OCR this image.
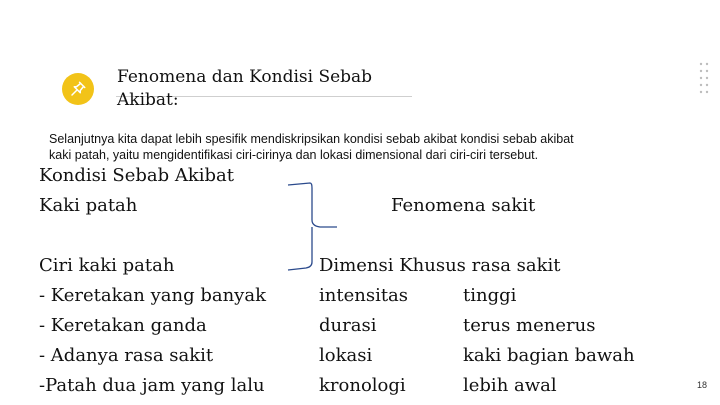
Fenomena dan Kondisi Sebab
Akibat:
Selanjutnya kita dapat lebih spesifik mendiskripsikan kondisi sebab akibat kondisi sebab akibat
kaki patah, yaitu mengidentifikasi ciri-cirinya dan lokasi dimensional dari ciri-ciri tersebut.
Kondisi Sebab Akibat
Kaki patah
Ciri kaki patah
- Keretakan yang banyak
- Keretakan ganda
- Adanya rasa sakit
-Patah dua jam yang lalu
Fenomena sakit
Dimensi Khusus rasa sakit
intensitas
durasi
lokasi
kronologi
tinggi
terus menerus
kaki bagian bawah
lebih awal	18
